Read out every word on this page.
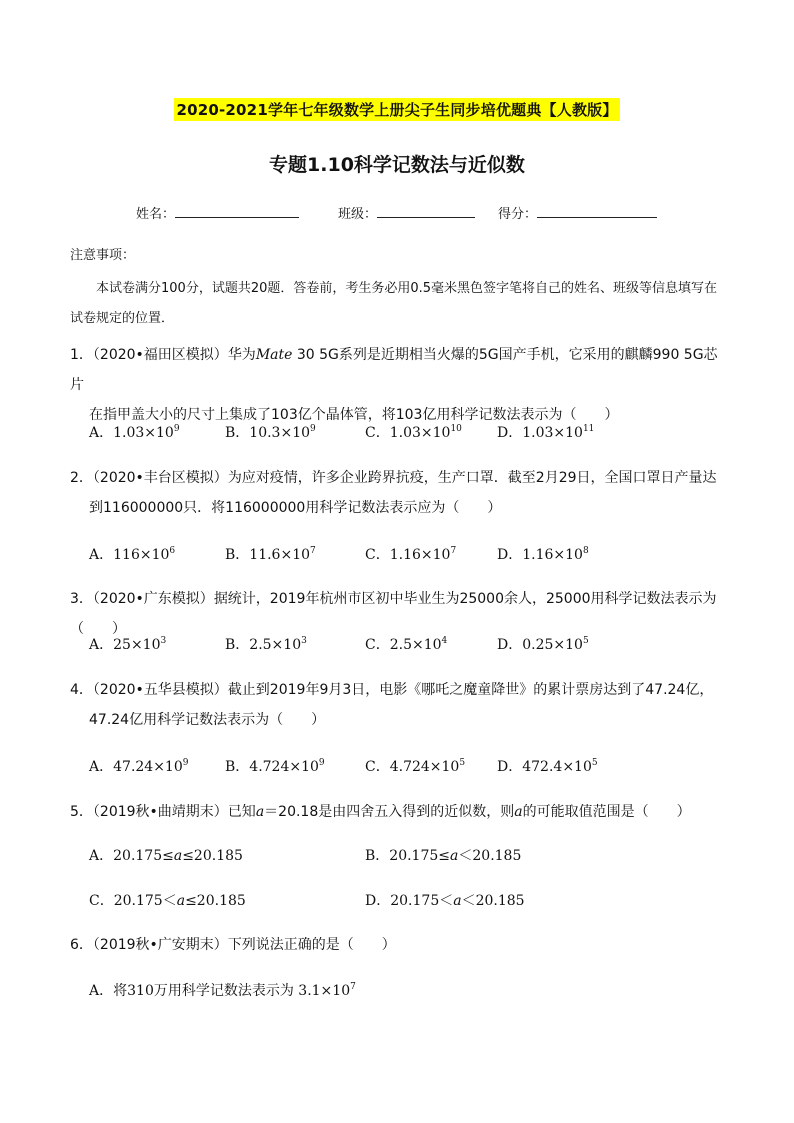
2020-2021学年七年级数学上册尖子生同步培优题典【人教版】
专题1.10科学记数法与近似数
姓名：	班级：	得分：
注意事项：
本试卷满分100分，试题共20题．答卷前，考生务必用0.5毫米黑色签字笔将自己的姓名、班级等信息填写在试卷规定的位置．
1．（2020•福田区模拟）华为Mate 30 5G系列是近期相当火爆的5G国产手机，它采用的麒麟990 5G芯片
在指甲盖大小的尺寸上集成了103亿个晶体管，将103亿用科学记数法表示为（　　）
A．$1.03\times 10^9$	B．$10.3\times 10^9$	C．$1.03\times 10^{10}$	D．$1.03\times 10^{11}$
2．（2020•丰台区模拟）为应对疫情，许多企业跨界抗疫，生产口罩．截至2月29日，全国口罩日产量达
到116000000只．将116000000用科学记数法表示应为（　　）
A．$116\times 10^6$	B．$11.6\times 10^7$	C．$1.16\times 10^7$	D．$1.16\times 10^8$
3．（2020•广东模拟）据统计，2019年杭州市区初中毕业生为25000余人，25000用科学记数法表示为（　　）
A．$25\times 10^3$	B．$2.5\times 10^3$	C．$2.5\times 10^4$	D．$0.25\times 10^5$
4．（2020•五华县模拟）截止到2019年9月3日，电影《哪吒之魔童降世》的累计票房达到了47.24亿，
47.24亿用科学记数法表示为（　　）
A．$47.24\times 10^9$	B．$4.724\times 10^9$	C．$4.724\times 10^5$ D．$472.4\times 10^5$
5．（2019秋•曲靖期末）已知a＝20.18是由四舍五入得到的近似数，则a的可能取值范围是（　　）
A．20.175≤a≤20.185	B．20.175≤a＜20.185
C．20.175＜a≤20.185	D．20.175＜a＜20.185
6．（2019秋•广安期末）下列说法正确的是（　　）
A．将310万用科学记数法表示为 $3.1\times 10^7$
